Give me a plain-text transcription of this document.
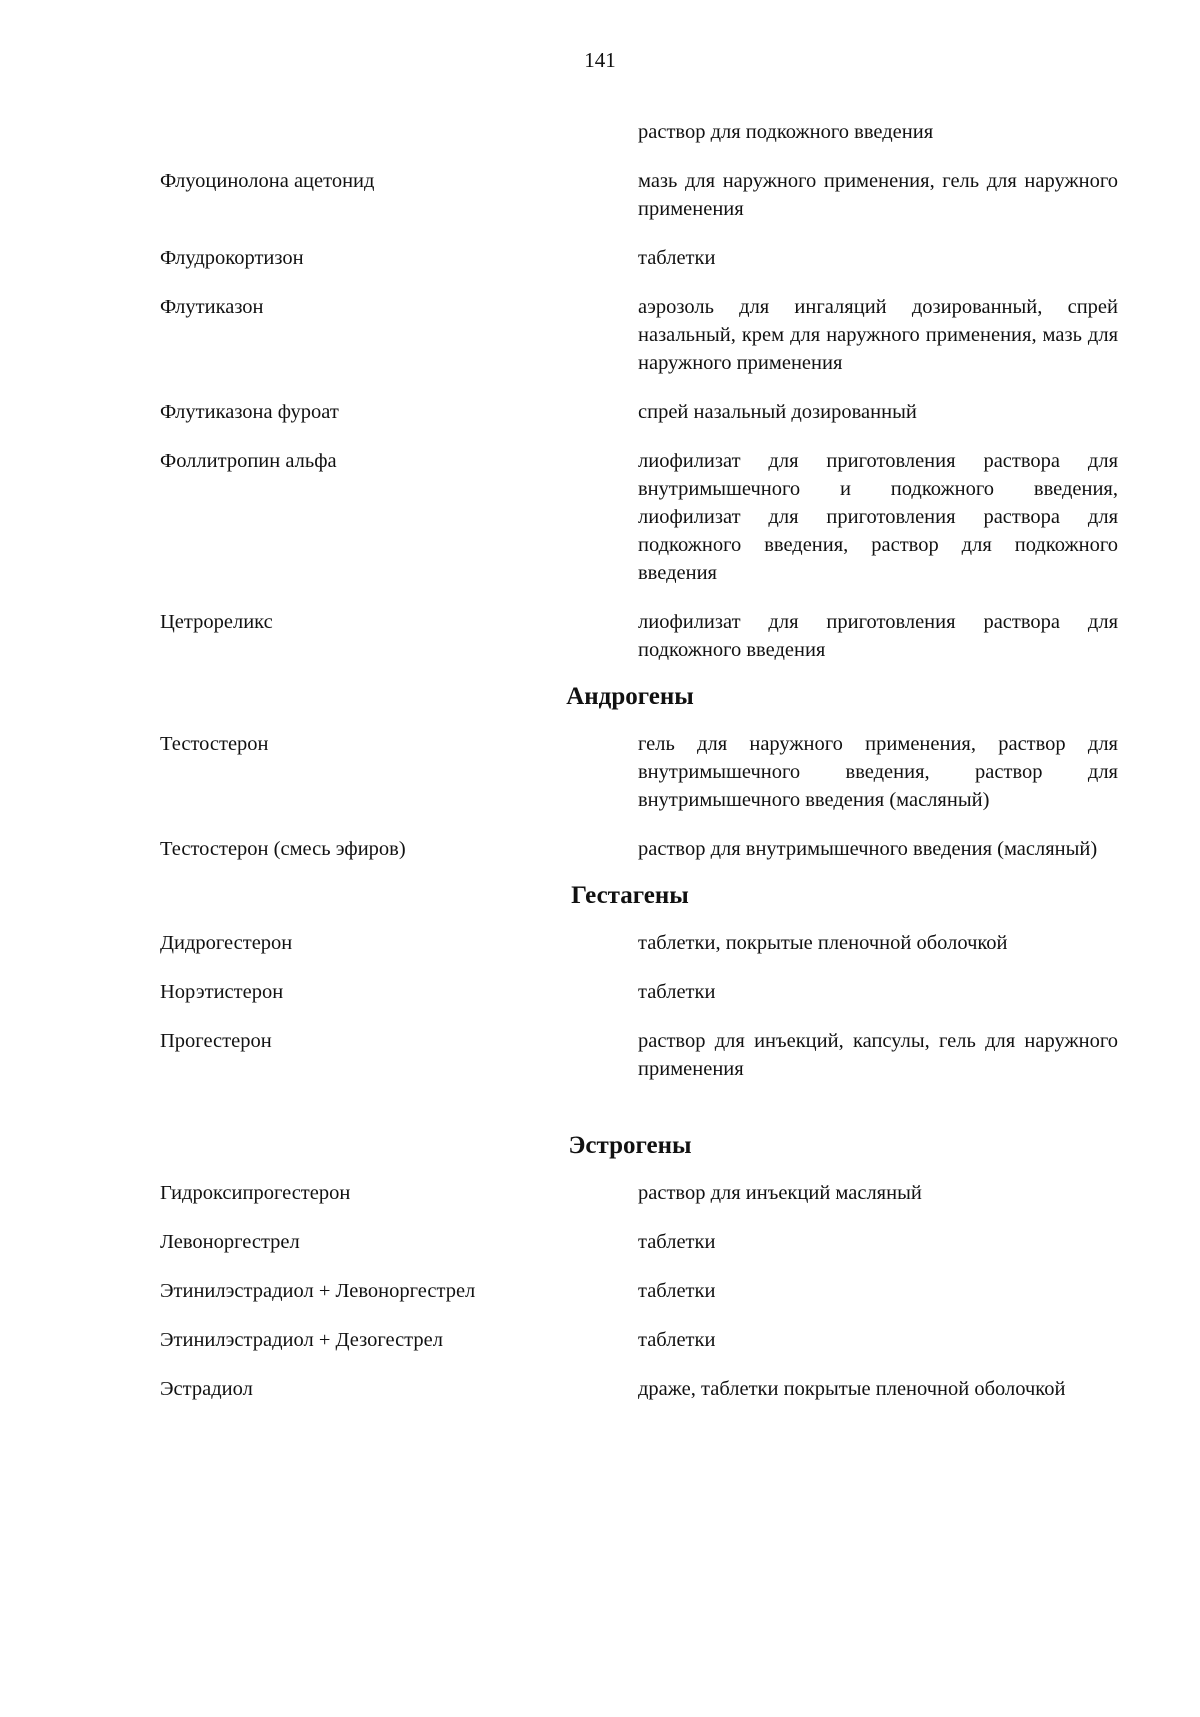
141
раствор для подкожного введения
Флуоцинолона ацетонид	мазь для наружного применения, гель для наружного применения
Флудрокортизон	таблетки
Флутиказон	аэрозоль для ингаляций дозированный, спрей назальный, крем для наружного применения, мазь для наружного применения
Флутиказона фуроат	спрей назальный дозированный
Фоллитропин альфа	лиофилизат для приготовления раствора для внутримышечного и подкожного введения, лиофилизат для приготовления раствора для подкожного введения, раствор для подкожного введения
Цетрореликс	лиофилизат для приготовления раствора для подкожного введения
Андрогены
Тестостерон	гель для наружного применения, раствор для внутримышечного введения, раствор для внутримышечного введения (масляный)
Тестостерон (смесь эфиров)	раствор для внутримышечного введения (масляный)
Гестагены
Дидрогестерон	таблетки, покрытые пленочной оболочкой
Норэтистерон	таблетки
Прогестерон	раствор для инъекций, капсулы, гель для наружного применения
Эстрогены
Гидроксипрогестерон	раствор для инъекций масляный
Левоноргестрел	таблетки
Этинилэстрадиол + Левоноргестрел	таблетки
Этинилэстрадиол + Дезогестрел	таблетки
Эстрадиол	драже, таблетки покрытые пленочной оболочкой
